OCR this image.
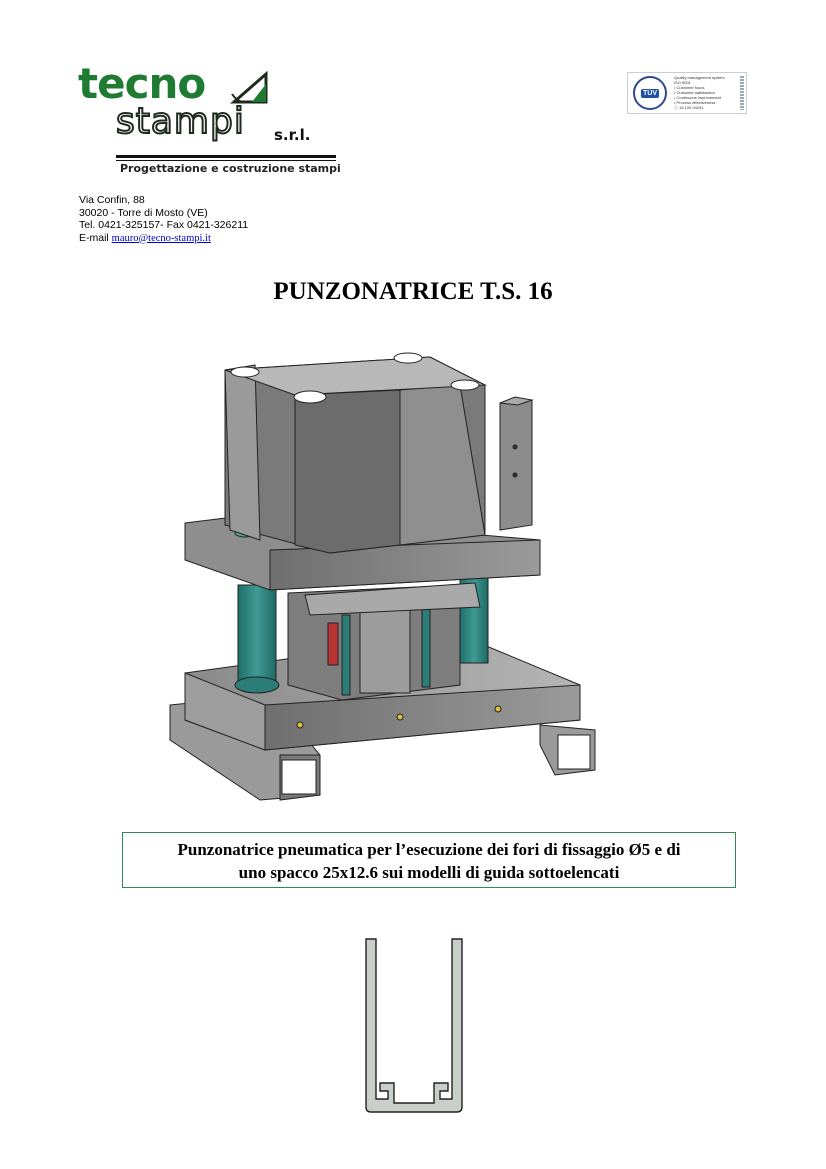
tecno
stampi s.r.l.
Progettazione e costruzione stampi
TÜV
Quality management system
ISO 9001
• Customer focus
• Customer satisfaction
• Continuous improvement
• Process effectiveness
ⓘ 15 100 04291
Via Confin, 88
30020 - Torre di Mosto (VE)
Tel. 0421-325157- Fax 0421-326211
E-mail mauro@tecno-stampi.it
PUNZONATRICE T.S. 16
Punzonatrice pneumatica per l’esecuzione dei fori di fissaggio Ø5 e di
uno spacco 25x12.6 sui modelli di guida sottoelencati
